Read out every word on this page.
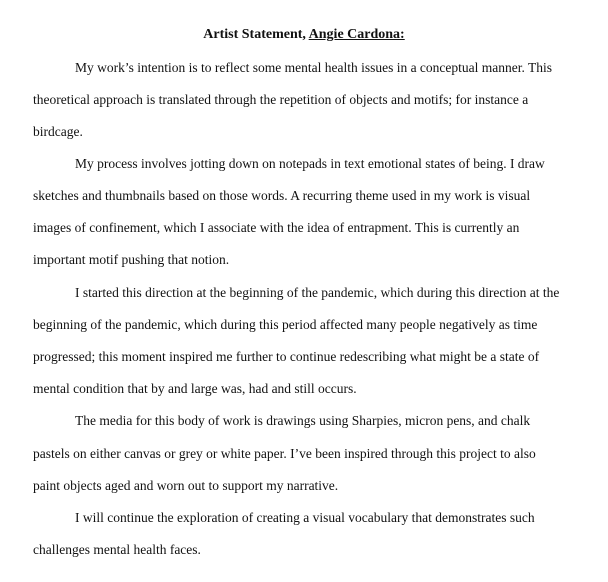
Artist Statement, Angie Cardona:
My work’s intention is to reflect some mental health issues in a conceptual manner. This
theoretical approach is translated through the repetition of objects and motifs; for instance a
birdcage.
My process involves jotting down on notepads in text emotional states of being. I draw
sketches and thumbnails based on those words. A recurring theme used in my work is visual
images of confinement, which I associate with the idea of entrapment. This is currently an
important motif pushing that notion.
I started this direction at the beginning of the pandemic, which during this direction at the
beginning of the pandemic, which during this period affected many people negatively as time
progressed; this moment inspired me further to continue redescribing what might be a state of
mental condition that by and large was, had and still occurs.
The media for this body of work is drawings using Sharpies, micron pens, and chalk
pastels on either canvas or grey or white paper. I’ve been inspired through this project to also
paint objects aged and worn out to support my narrative.
I will continue the exploration of creating a visual vocabulary that demonstrates such
challenges mental health faces.
